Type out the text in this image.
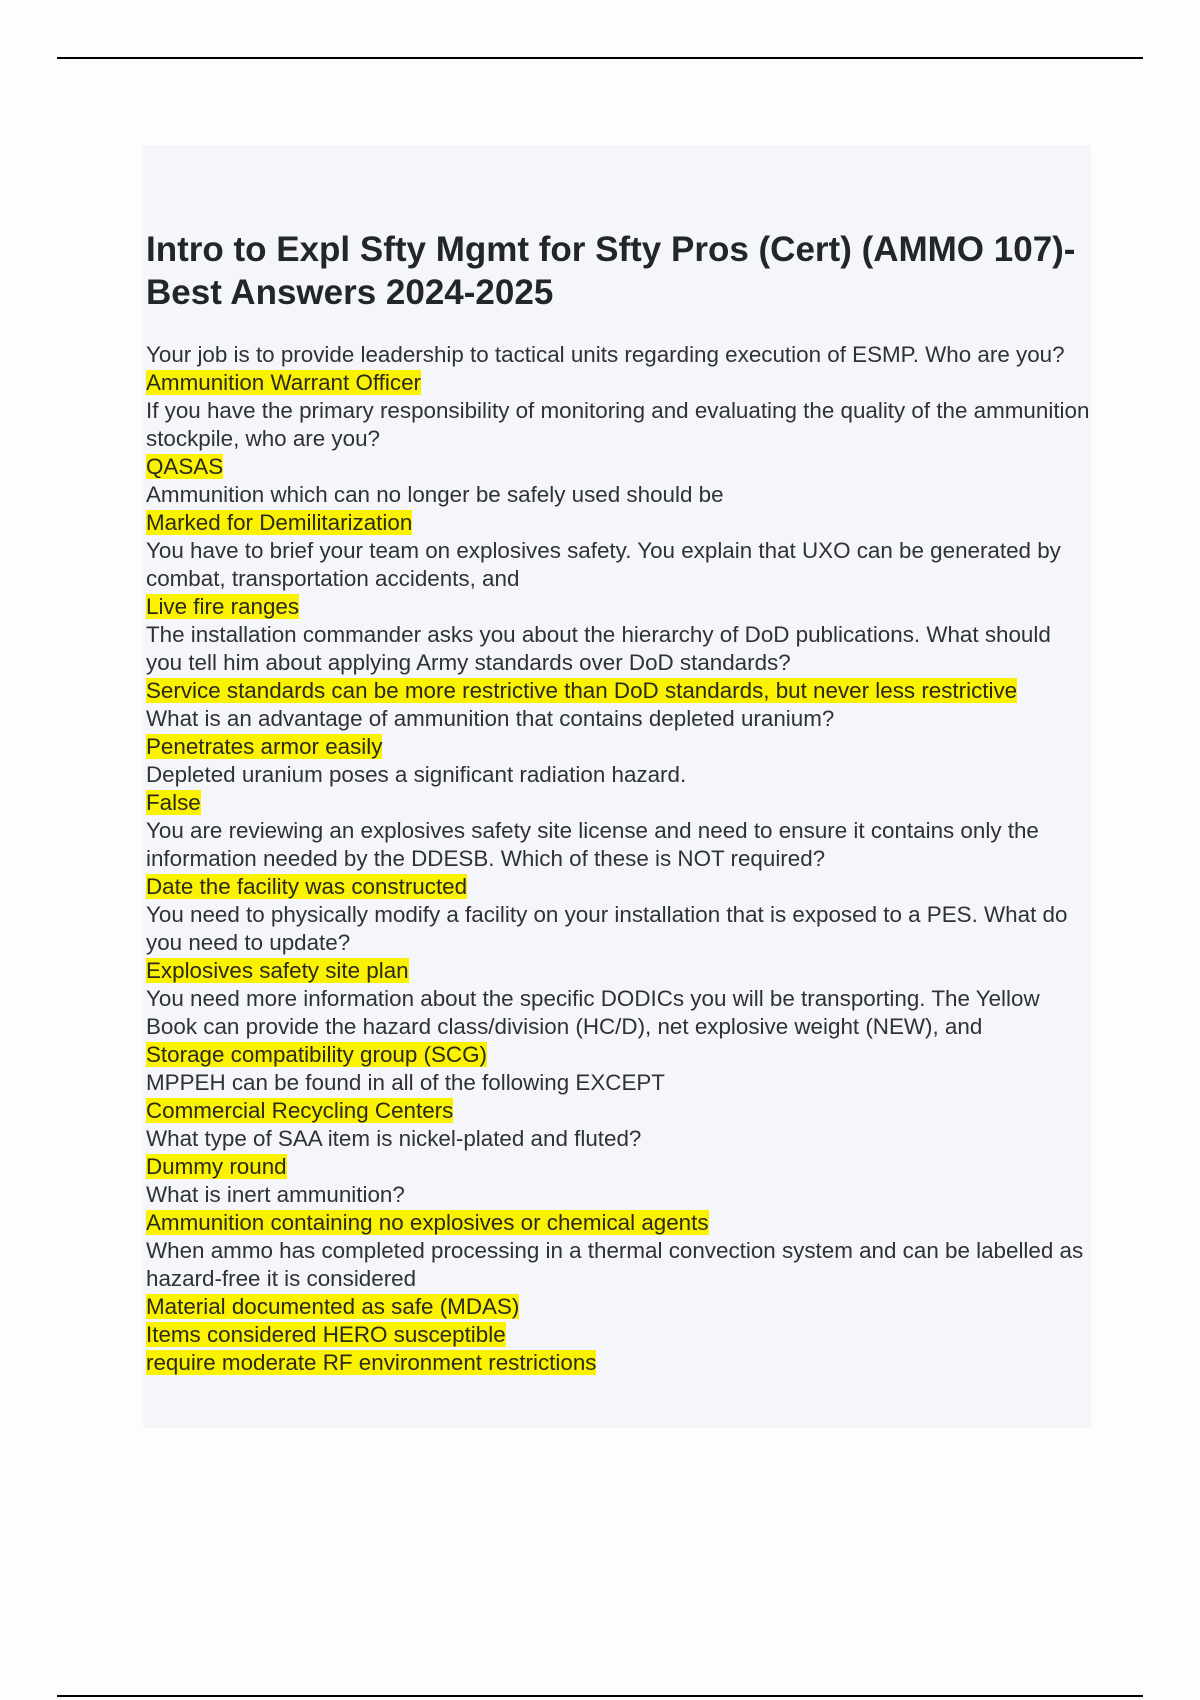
Intro to Expl Sfty Mgmt for Sfty Pros (Cert) (AMMO 107)-Best Answers 2024-2025

Your job is to provide leadership to tactical units regarding execution of ESMP. Who are you?

Ammunition Warrant Officer

If you have the primary responsibility of monitoring and evaluating the quality of the ammunition stockpile, who are you?

QASAS

Ammunition which can no longer be safely used should be

Marked for Demilitarization

You have to brief your team on explosives safety. You explain that UXO can be generated by combat, transportation accidents, and

Live fire ranges

The installation commander asks you about the hierarchy of DoD publications. What should you tell him about applying Army standards over DoD standards?

Service standards can be more restrictive than DoD standards, but never less restrictive

What is an advantage of ammunition that contains depleted uranium?

Penetrates armor easily

Depleted uranium poses a significant radiation hazard.

False

You are reviewing an explosives safety site license and need to ensure it contains only the information needed by the DDESB. Which of these is NOT required?

Date the facility was constructed

You need to physically modify a facility on your installation that is exposed to a PES. What do you need to update?

Explosives safety site plan

You need more information about the specific DODICs you will be transporting. The Yellow Book can provide the hazard class/division (HC/D), net explosive weight (NEW), and

Storage compatibility group (SCG)

MPPEH can be found in all of the following EXCEPT

Commercial Recycling Centers

What type of SAA item is nickel-plated and fluted?

Dummy round

What is inert ammunition?

Ammunition containing no explosives or chemical agents

When ammo has completed processing in a thermal convection system and can be labelled as hazard-free it is considered

Material documented as safe (MDAS)

Items considered HERO susceptible

require moderate RF environment restrictions
